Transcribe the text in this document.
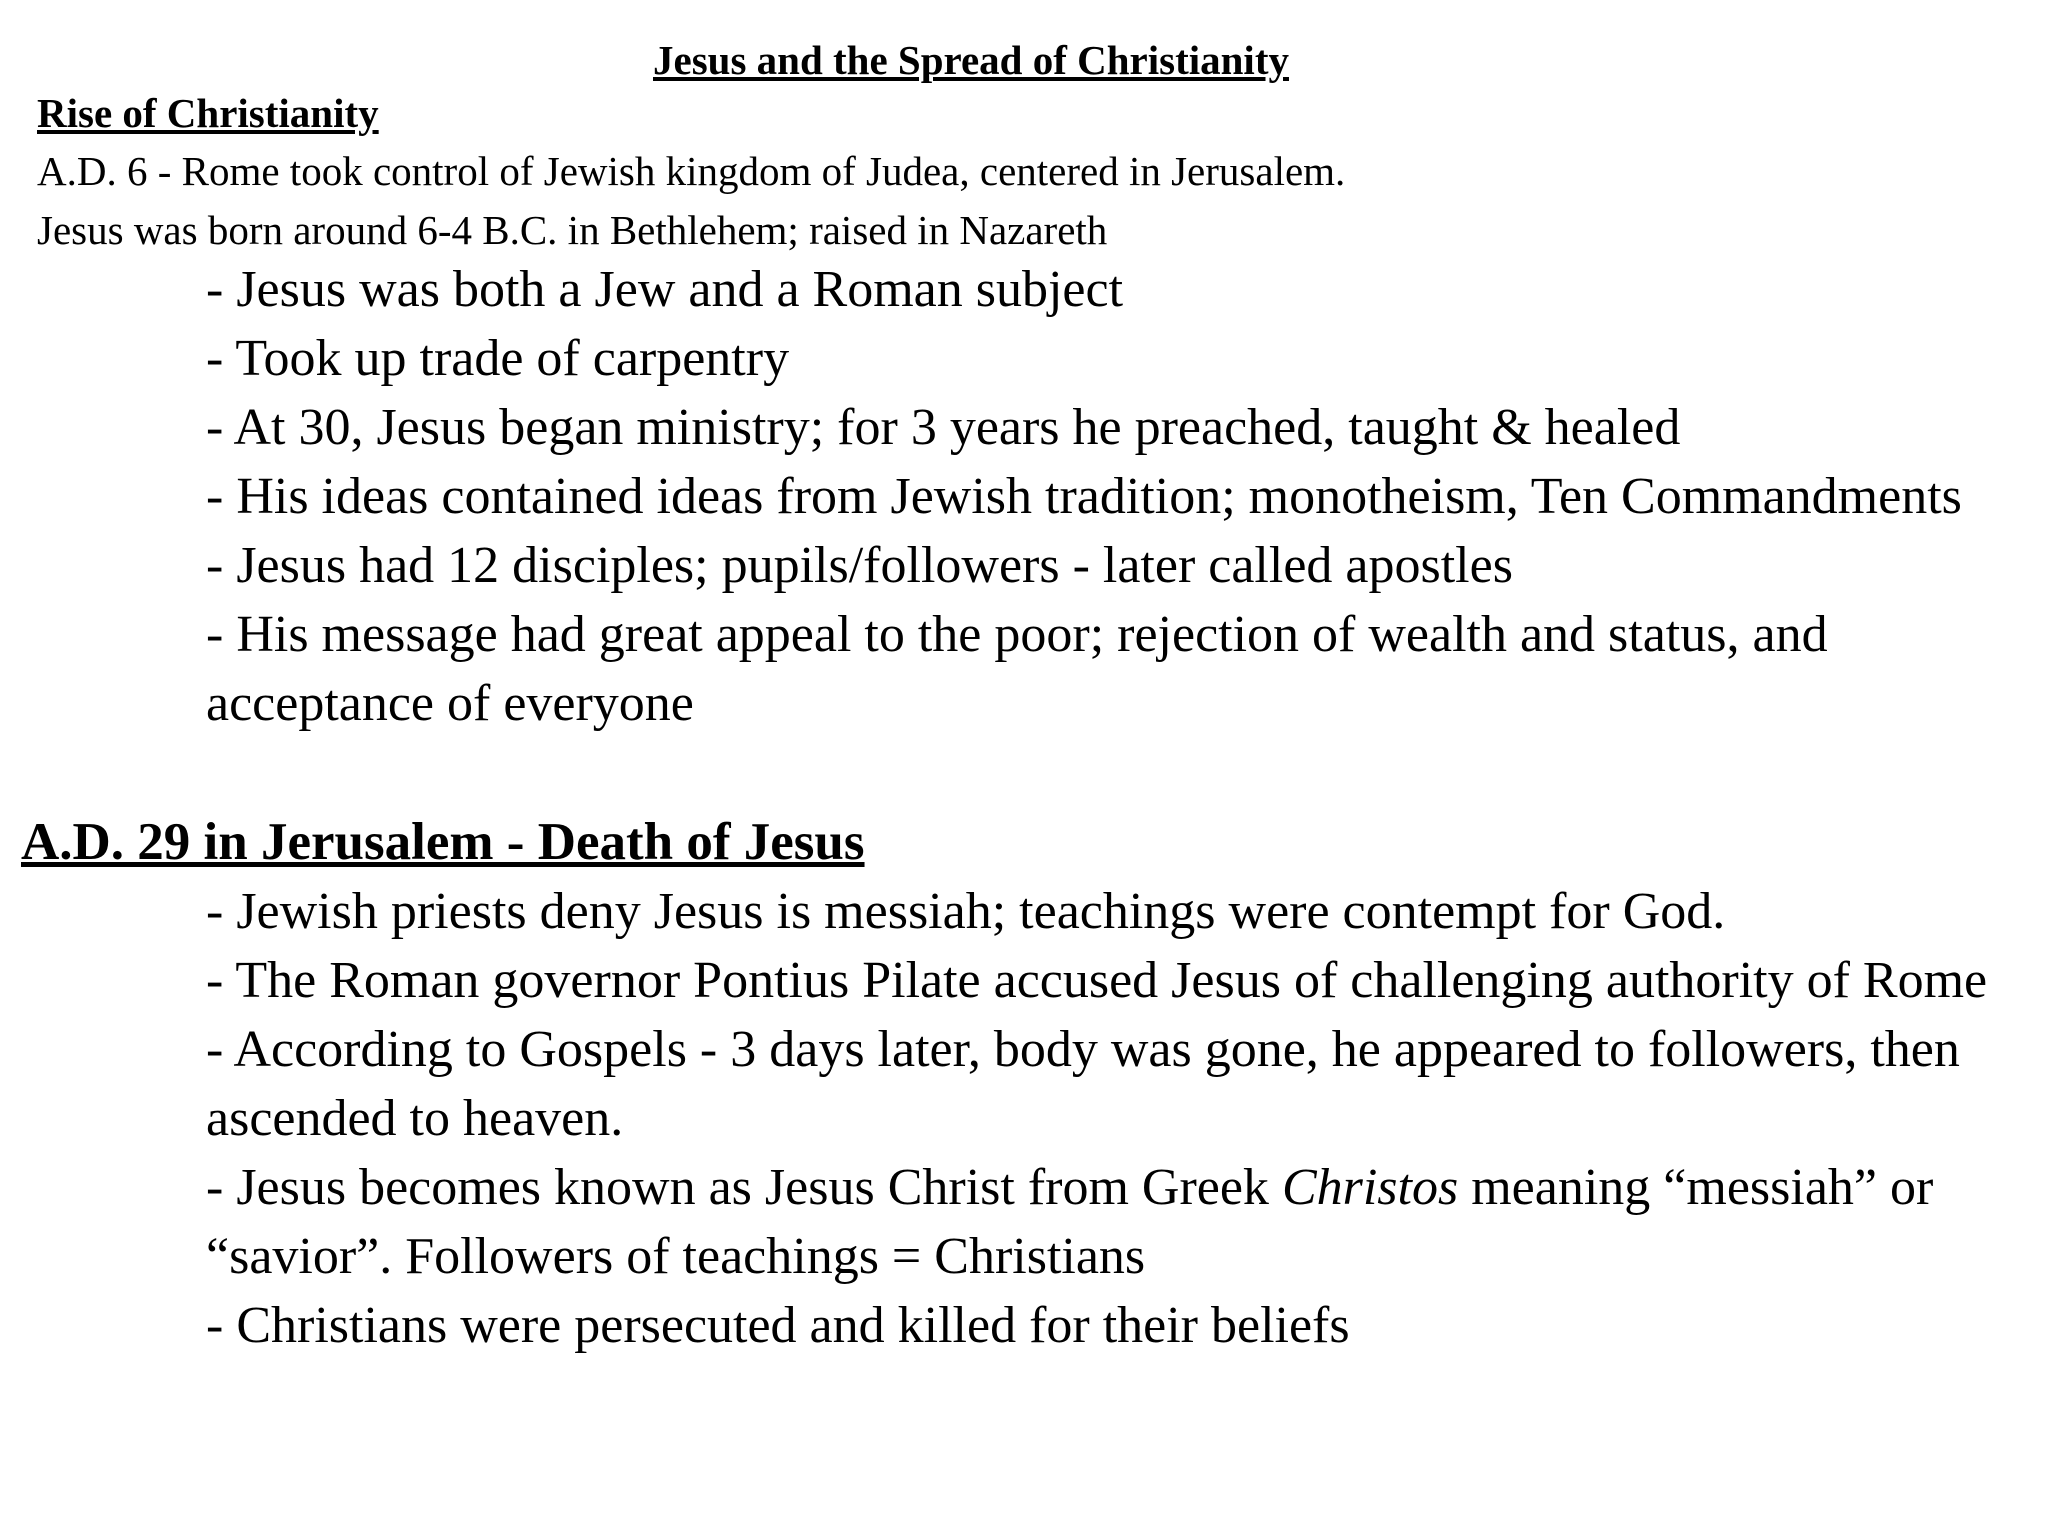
Jesus and the Spread of Christianity
Rise of Christianity
A.D. 6 - Rome took control of Jewish kingdom of Judea, centered in Jerusalem.
Jesus was born around 6-4 B.C. in Bethlehem; raised in Nazareth
- Jesus was both a Jew and a Roman subject
- Took up trade of carpentry
- At 30, Jesus began ministry; for 3 years he preached, taught & healed
- His ideas contained ideas from Jewish tradition; monotheism, Ten Commandments
- Jesus had 12 disciples; pupils/followers - later called apostles
- His message had great appeal to the poor; rejection of wealth and status, and acceptance of everyone
A.D. 29 in Jerusalem - Death of Jesus
- Jewish priests deny Jesus is messiah; teachings were contempt for God.
- The Roman governor Pontius Pilate accused Jesus of challenging authority of Rome
- According to Gospels - 3 days later, body was gone, he appeared to followers, then ascended to heaven.
- Jesus becomes known as Jesus Christ from Greek Christos meaning “messiah” or “savior”. Followers of teachings = Christians
- Christians were persecuted and killed for their beliefs
